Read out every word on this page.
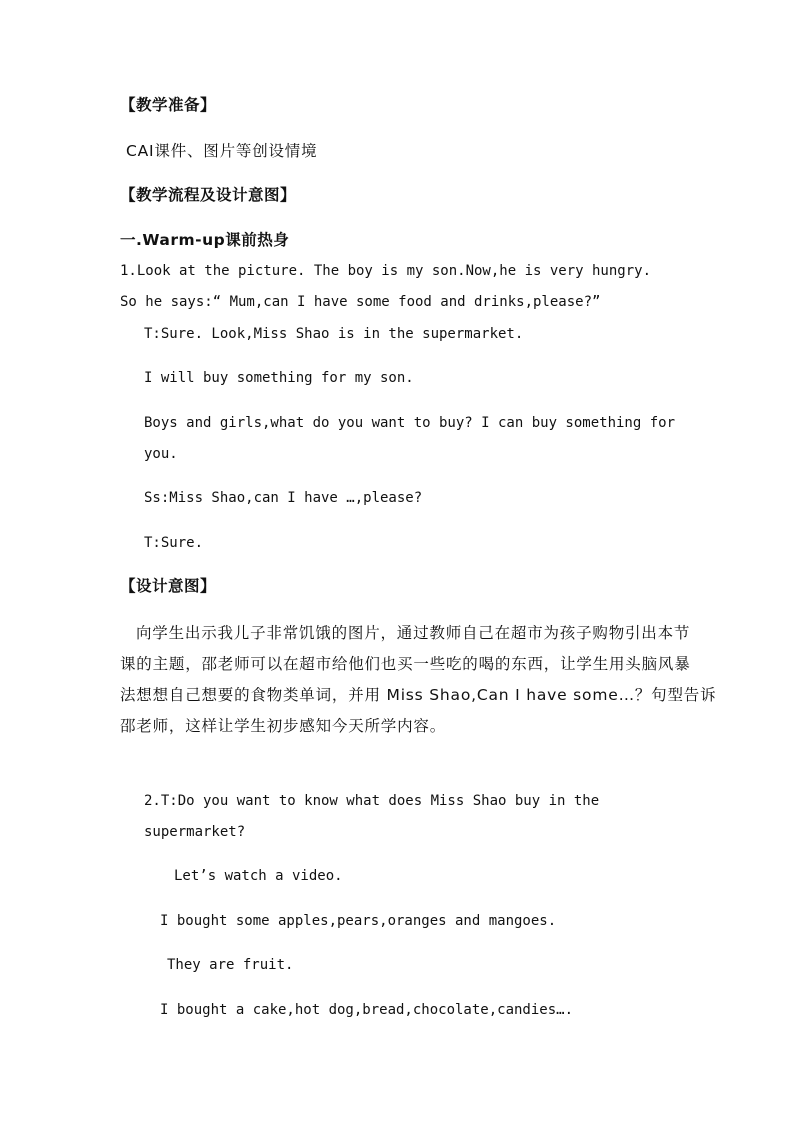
【教学准备】
CAI课件、图片等创设情境
【教学流程及设计意图】
一.Warm-up课前热身
1.Look at the picture. The boy is my son.Now,he is very hungry.
So he says:“ Mum,can I have some food and drinks,please?”
T:Sure. Look,Miss Shao is in the supermarket.
I will buy something for my son.
Boys and girls,what do you want to buy? I can buy something for
you.
Ss:Miss Shao,can I have …,please?
T:Sure.
【设计意图】
向学生出示我儿子非常饥饿的图片，通过教师自己在超市为孩子购物引出本节
课的主题，邵老师可以在超市给他们也买一些吃的喝的东西，让学生用头脑风暴
法想想自己想要的食物类单词，并用 Miss Shao,Can I have some…？句型告诉
邵老师，这样让学生初步感知今天所学内容。
2.T:Do you want to know what does Miss Shao buy in the
supermarket?
Let’s watch a video.
I bought some apples,pears,oranges and mangoes.
They are fruit.
I bought a cake,hot dog,bread,chocolate,candies….
